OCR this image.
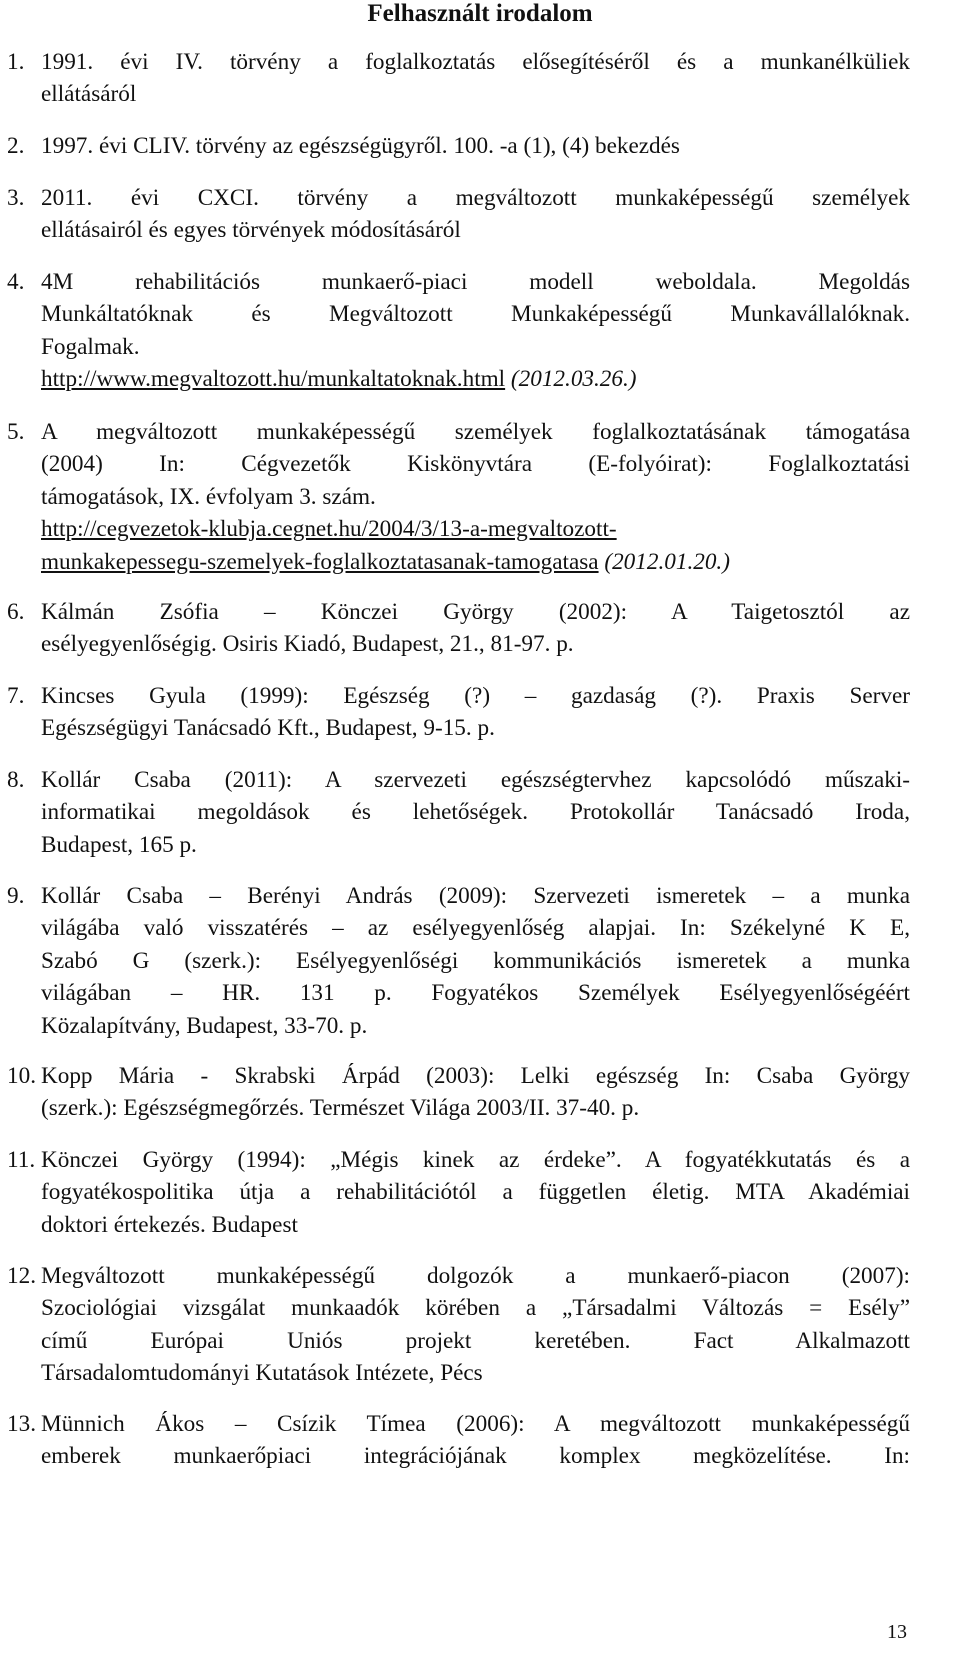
Felhasznált irodalom
1. 1991. évi IV. törvény a foglalkoztatás elősegítéséről és a munkanélküliek
ellátásáról
2. 1997. évi CLIV. törvény az egészségügyről. 100. -a (1), (4) bekezdés
3. 2011. évi CXCI. törvény a megváltozott munkaképességű személyek
ellátásairól és egyes törvények módosításáról
4. 4M rehabilitációs munkaerő-piaci modell weboldala. Megoldás
Munkáltatóknak és Megváltozott Munkaképességű Munkavállalóknak.
Fogalmak.
http://www.megvaltozott.hu/munkaltatoknak.html (2012.03.26.)
5. A megváltozott munkaképességű személyek foglalkoztatásának támogatása
(2004) In: Cégvezetők Kiskönyvtára (E-folyóirat): Foglalkoztatási
támogatások, IX. évfolyam 3. szám.
http://cegvezetok-klubja.cegnet.hu/2004/3/13-a-megvaltozott-
munkakepessegu-szemelyek-foglalkoztatasanak-tamogatasa (2012.01.20.)
6. Kálmán Zsófia – Könczei György (2002): A Taigetosztól az
esélyegyenlőségig. Osiris Kiadó, Budapest, 21., 81-97. p.
7. Kincses Gyula (1999): Egészség (?) – gazdaság (?). Praxis Server
Egészségügyi Tanácsadó Kft., Budapest, 9-15. p.
8. Kollár Csaba (2011): A szervezeti egészségtervhez kapcsolódó műszaki-
informatikai megoldások és lehetőségek. Protokollár Tanácsadó Iroda,
Budapest, 165 p.
9. Kollár Csaba – Berényi András (2009): Szervezeti ismeretek – a munka
világába való visszatérés – az esélyegyenlőség alapjai. In: Székelyné K E,
Szabó G (szerk.): Esélyegyenlőségi kommunikációs ismeretek a munka
világában – HR. 131 p. Fogyatékos Személyek Esélyegyenlőségéért
Közalapítvány, Budapest, 33-70. p.
10. Kopp Mária - Skrabski Árpád (2003): Lelki egészség In: Csaba György
(szerk.): Egészségmegőrzés. Természet Világa 2003/II. 37-40. p.
11. Könczei György (1994): „Mégis kinek az érdeke”. A fogyatékkutatás és a
fogyatékospolitika útja a rehabilitációtól a független életig. MTA Akadémiai
doktori értekezés. Budapest
12. Megváltozott munkaképességű dolgozók a munkaerő-piacon (2007):
Szociológiai vizsgálat munkaadók körében a „Társadalmi Változás = Esély”
című Európai Uniós projekt keretében. Fact Alkalmazott
Társadalomtudományi Kutatások Intézete, Pécs
13. Münnich Ákos – Csízik Tímea (2006): A megváltozott munkaképességű
emberek munkaerőpiaci integrációjának komplex megközelítése. In:
13
